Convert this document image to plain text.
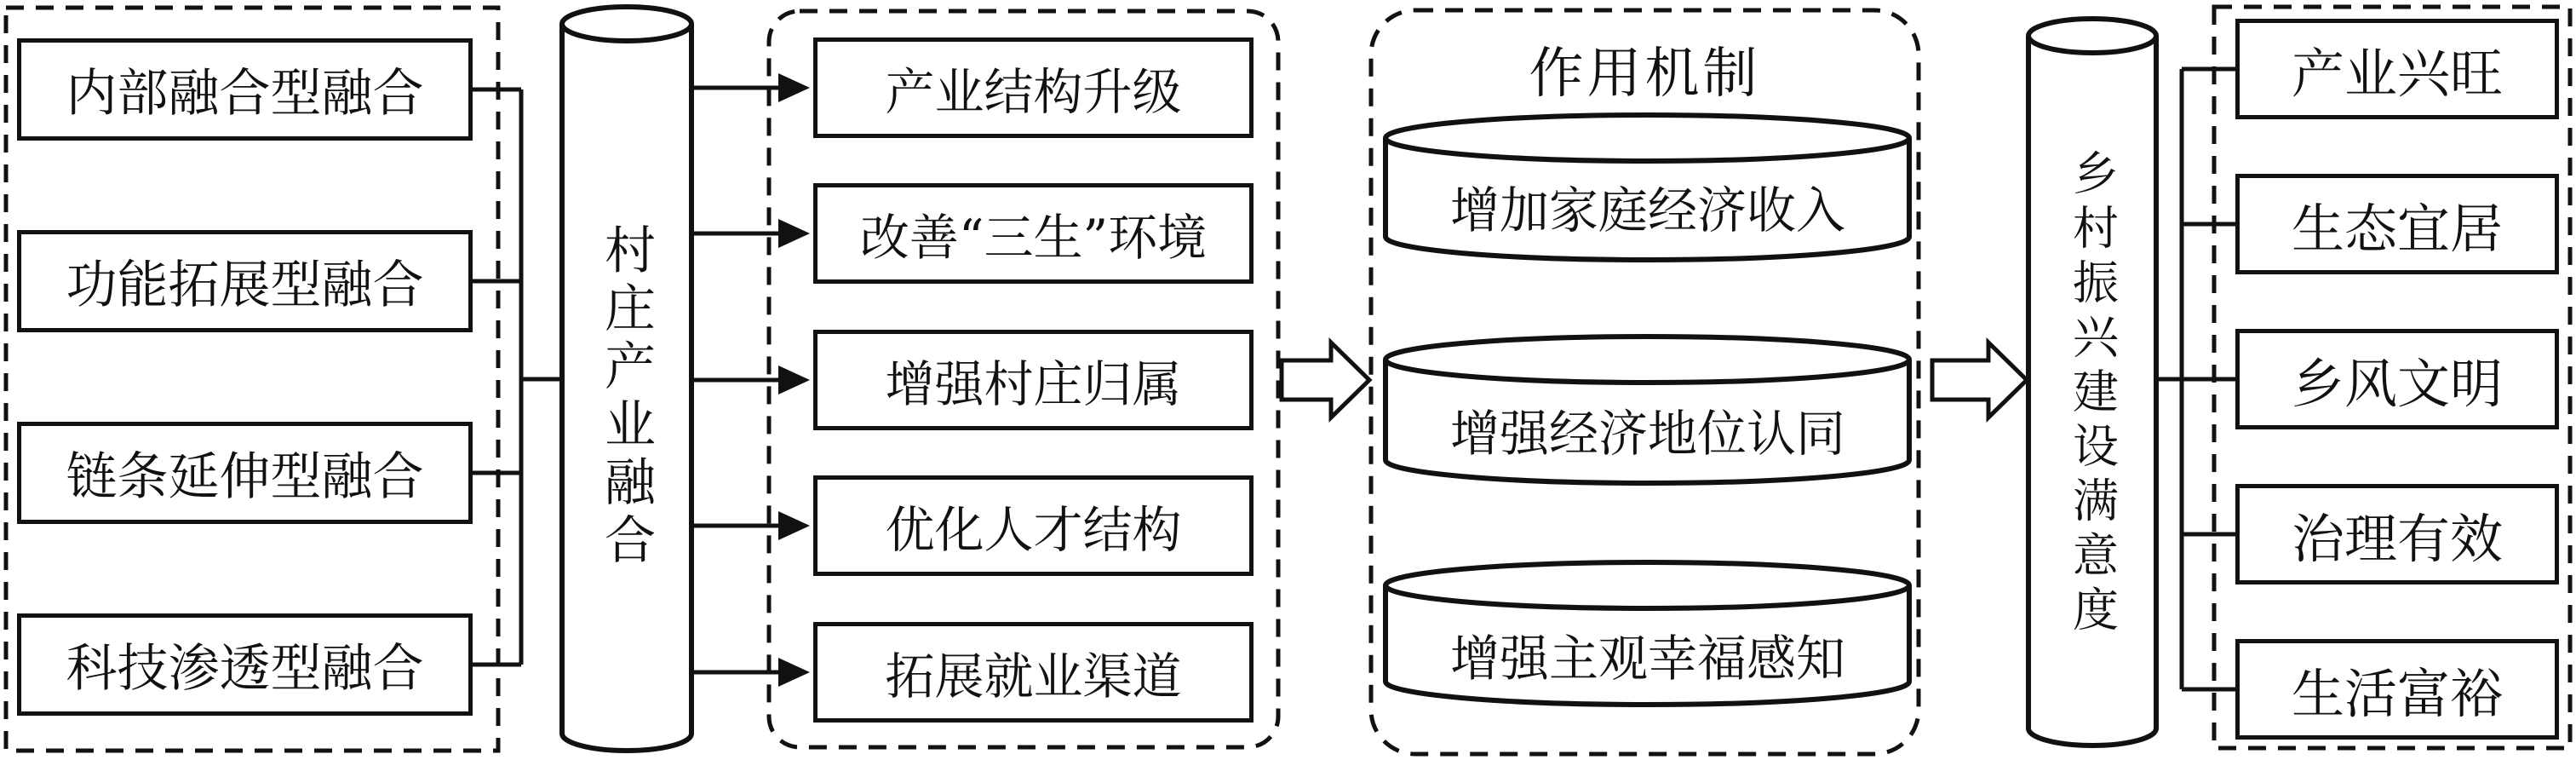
内部融合型融合
功能拓展型融合
链条延伸型融合
科技渗透型融合
村庄产业融合
产业结构升级
改善“三生”环境
增强村庄归属
优化人才结构
拓展就业渠道
作用机制
增加家庭经济收入
增强经济地位认同
增强主观幸福感知
乡村振兴建设满意度
产业兴旺
生态宜居
乡风文明
治理有效
生活富裕
